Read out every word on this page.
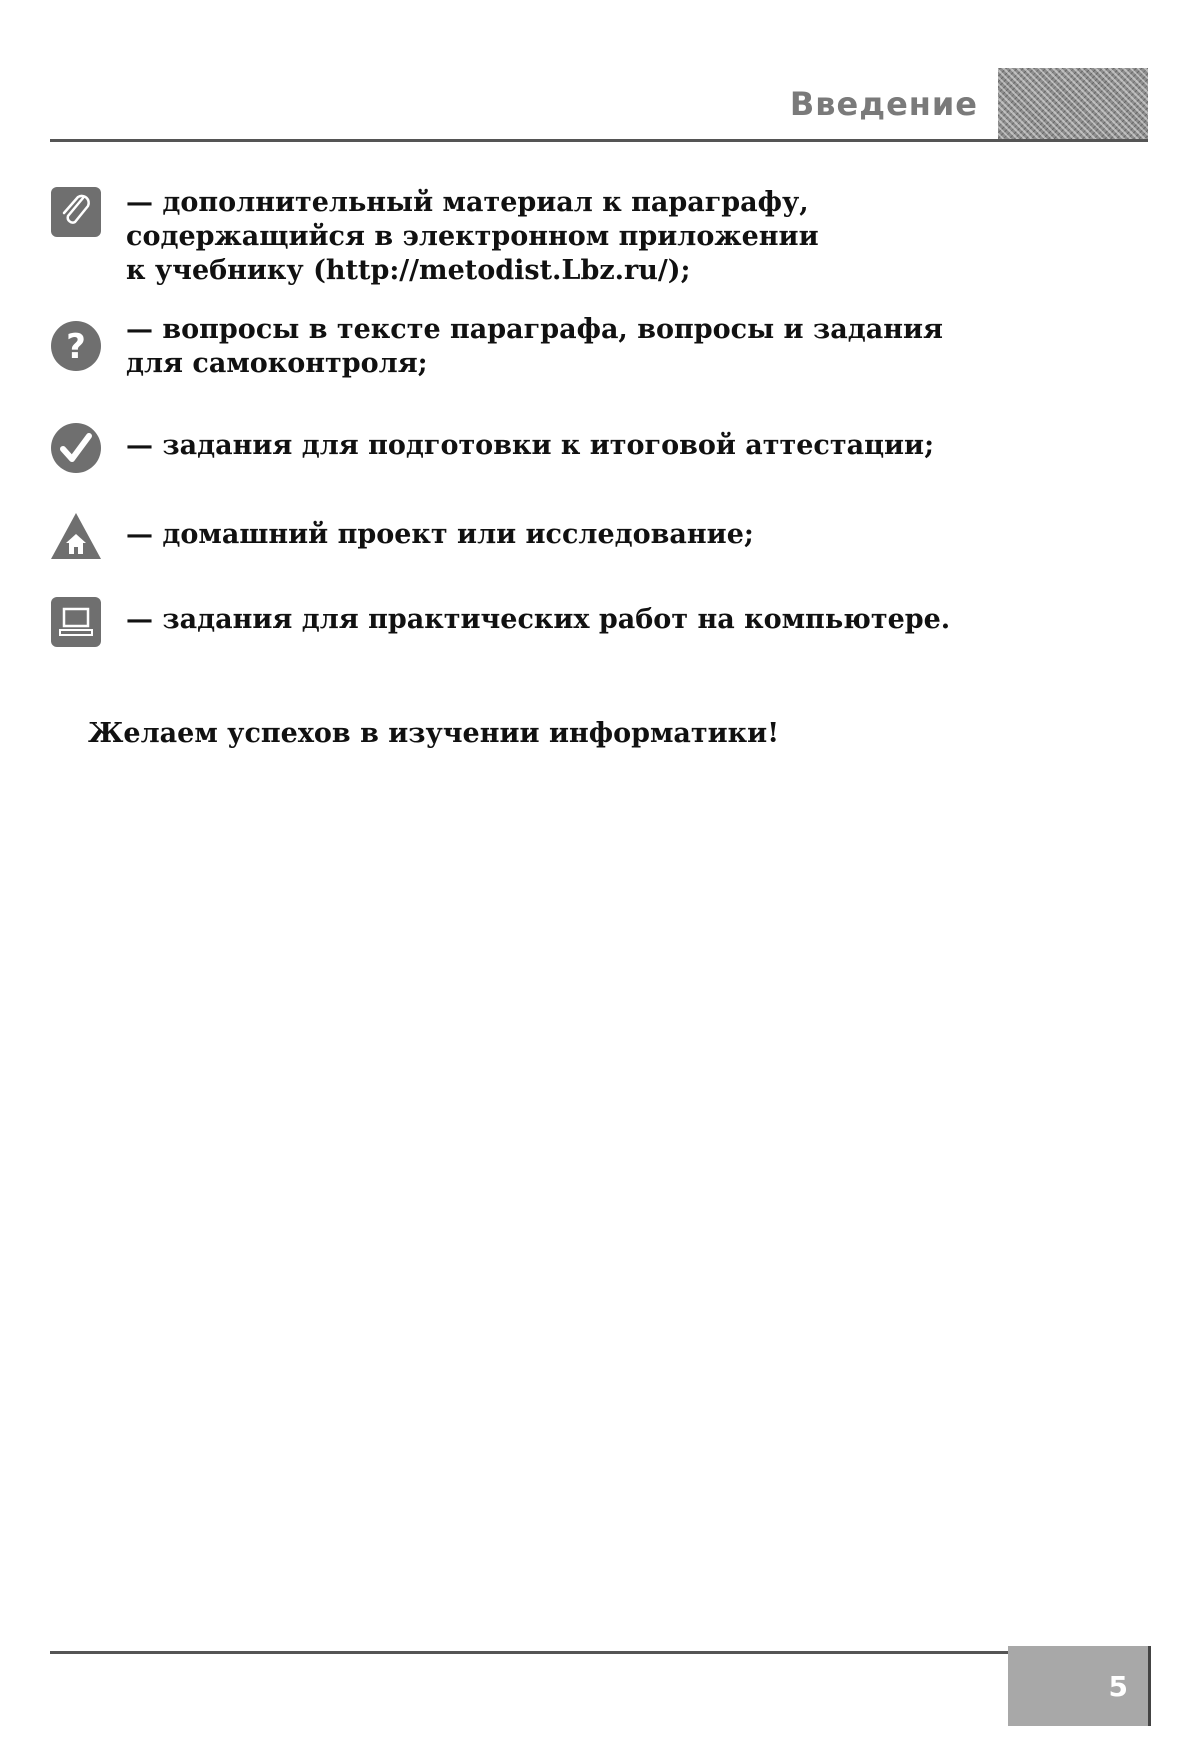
Введение
— дополнительный материал к параграфу,
содержащийся в электронном приложении
к учебнику (http://metodist.Lbz.ru/);
? — вопросы в тексте параграфа, вопросы и задания
для самоконтроля;
— задания для подготовки к итоговой аттестации;
— домашний проект или исследование;
— задания для практических работ на компьютере.
Желаем успехов в изучении информатики!
5
